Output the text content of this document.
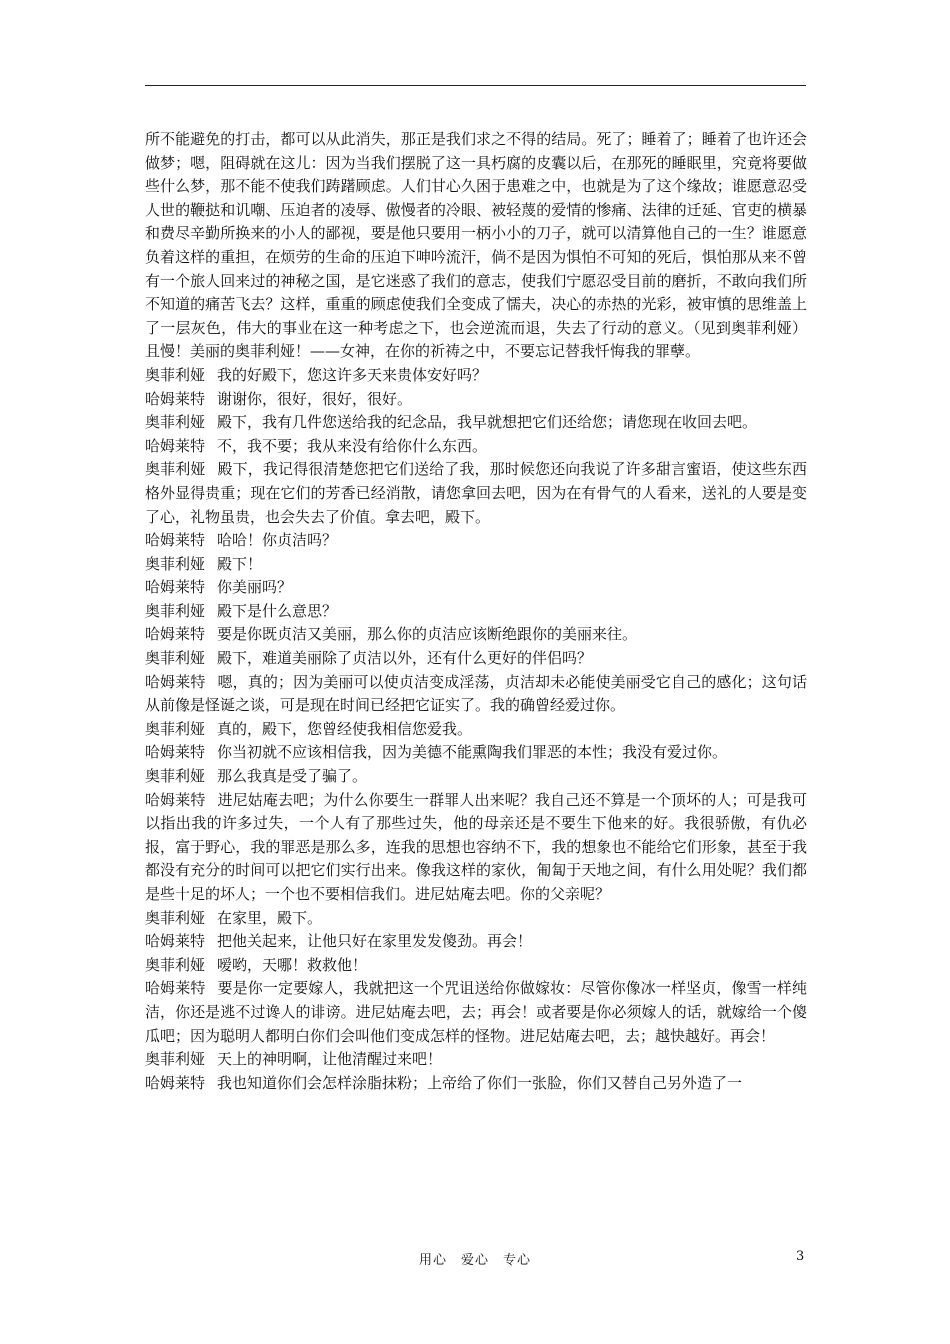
所不能避免的打击，都可以从此消失，那正是我们求之不得的结局。死了；睡着了；睡着了也许还会做梦；嗯，阻碍就在这儿：因为当我们摆脱了这一具朽腐的皮囊以后，在那死的睡眠里，究竟将要做些什么梦，那不能不使我们踌躇顾虑。人们甘心久困于患难之中，也就是为了这个缘故；谁愿意忍受人世的鞭挞和讥嘲、压迫者的凌辱、傲慢者的冷眼、被轻蔑的爱情的惨痛、法律的迁延、官吏的横暴和费尽辛勤所换来的小人的鄙视，要是他只要用一柄小小的刀子，就可以清算他自己的一生？谁愿意负着这样的重担，在烦劳的生命的压迫下呻吟流汗，倘不是因为惧怕不可知的死后，惧怕那从来不曾有一个旅人回来过的神秘之国，是它迷惑了我们的意志，使我们宁愿忍受目前的磨折，不敢向我们所不知道的痛苦飞去？这样，重重的顾虑使我们全变成了懦夫，决心的赤热的光彩，被审慎的思维盖上了一层灰色，伟大的事业在这一种考虑之下，也会逆流而退，失去了行动的意义。（见到奥菲利娅）且慢！美丽的奥菲利娅！——女神，在你的祈祷之中，不要忘记替我忏悔我的罪孽。

奥菲利娅 我的好殿下，您这许多天来贵体安好吗？

哈姆莱特 谢谢你，很好，很好，很好。

奥菲利娅 殿下，我有几件您送给我的纪念品，我早就想把它们还给您；请您现在收回去吧。

哈姆莱特 不，我不要；我从来没有给你什么东西。

奥菲利娅 殿下，我记得很清楚您把它们送给了我，那时候您还向我说了许多甜言蜜语，使这些东西格外显得贵重；现在它们的芳香已经消散，请您拿回去吧，因为在有骨气的人看来，送礼的人要是变了心，礼物虽贵，也会失去了价值。拿去吧，殿下。

哈姆莱特 哈哈！你贞洁吗？

奥菲利娅 殿下！

哈姆莱特 你美丽吗？

奥菲利娅 殿下是什么意思？

哈姆莱特 要是你既贞洁又美丽，那么你的贞洁应该断绝跟你的美丽来往。

奥菲利娅 殿下，难道美丽除了贞洁以外，还有什么更好的伴侣吗？

哈姆莱特 嗯，真的；因为美丽可以使贞洁变成淫荡，贞洁却未必能使美丽受它自己的感化；这句话从前像是怪诞之谈，可是现在时间已经把它证实了。我的确曾经爱过你。

奥菲利娅 真的，殿下，您曾经使我相信您爱我。

哈姆莱特 你当初就不应该相信我，因为美德不能熏陶我们罪恶的本性；我没有爱过你。

奥菲利娅 那么我真是受了骗了。

哈姆莱特 进尼姑庵去吧；为什么你要生一群罪人出来呢？我自己还不算是一个顶坏的人；可是我可以指出我的许多过失，一个人有了那些过失，他的母亲还是不要生下他来的好。我很骄傲，有仇必报，富于野心，我的罪恶是那么多，连我的思想也容纳不下，我的想象也不能给它们形象，甚至于我都没有充分的时间可以把它们实行出来。像我这样的家伙，匍匐于天地之间，有什么用处呢？我们都是些十足的坏人；一个也不要相信我们。进尼姑庵去吧。你的父亲呢？

奥菲利娅 在家里，殿下。

哈姆莱特 把他关起来，让他只好在家里发发傻劲。再会！

奥菲利娅 嗳哟，天哪！救救他！

哈姆莱特 要是你一定要嫁人，我就把这一个咒诅送给你做嫁妆：尽管你像冰一样坚贞，像雪一样纯洁，你还是逃不过谗人的诽谤。进尼姑庵去吧，去；再会！或者要是你必须嫁人的话，就嫁给一个傻瓜吧；因为聪明人都明白你们会叫他们变成怎样的怪物。进尼姑庵去吧，去；越快越好。再会！

奥菲利娅 天上的神明啊，让他清醒过来吧！

哈姆莱特 我也知道你们会怎样涂脂抹粉；上帝给了你们一张脸，你们又替自己另外造了一

用心　爱心　专心	3
